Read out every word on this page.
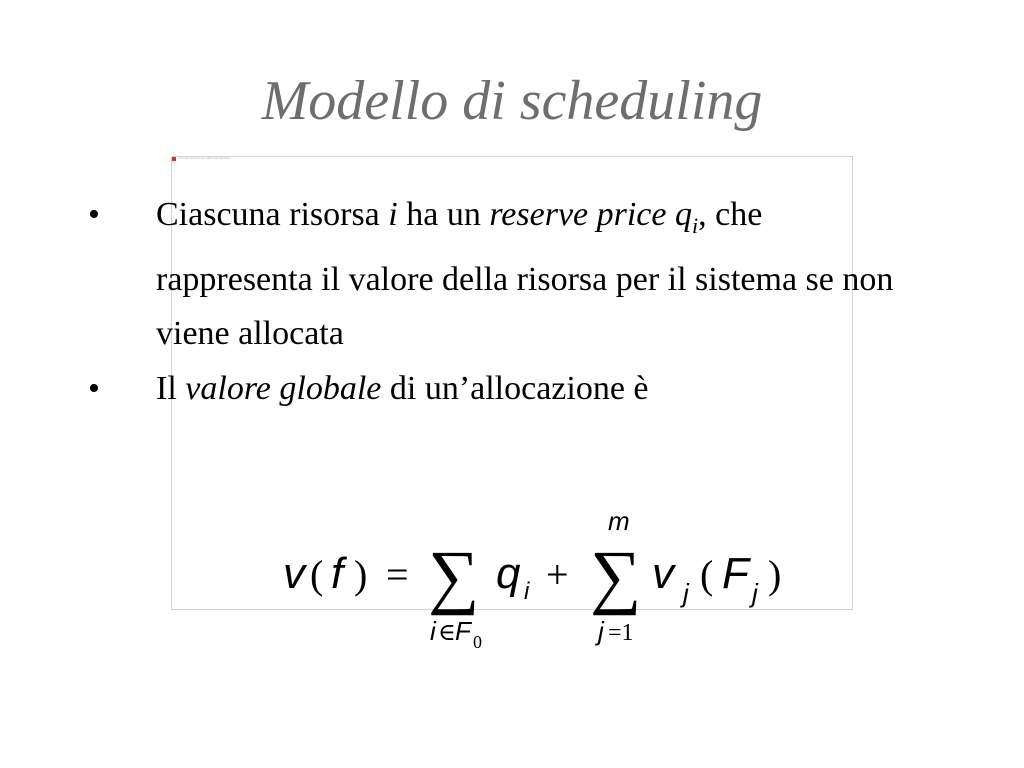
Modello di scheduling
Formula inserita con Microsoft Equation
• Ciascuna risorsa i ha un reserve price $q_i$, che rappresenta il valore della risorsa per il sistema se non viene allocata
• Il valore globale di un’allocazione è
v ( f ) = ∑
i ∈ F 0
q i + ∑
m
j =1
v j ( F j )
